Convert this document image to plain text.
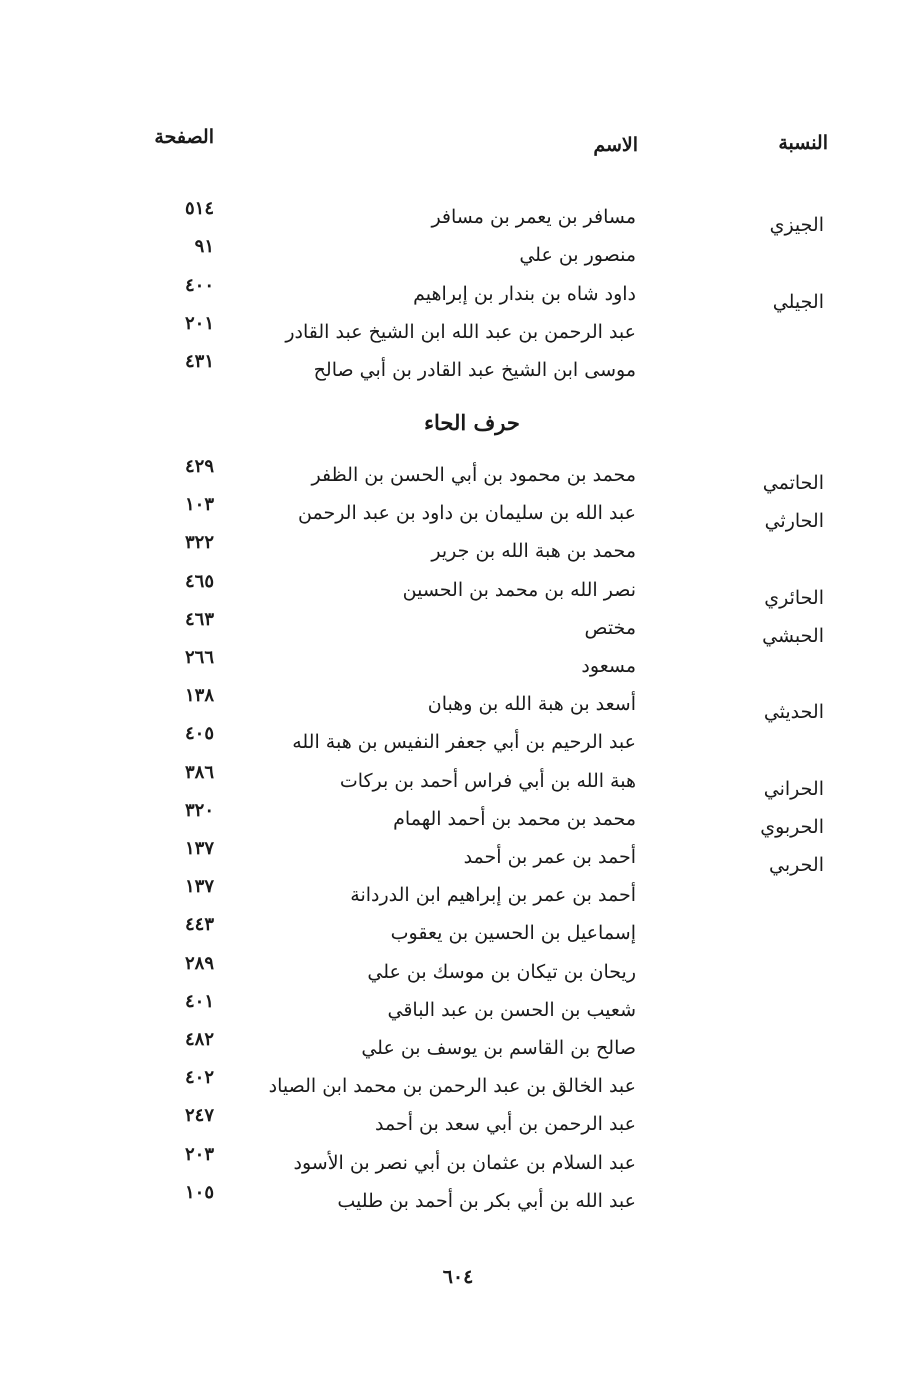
النسبة
الاسم
الصفحة
الجيزي
مسافر بن يعمر بن مسافر
٥١٤
منصور بن علي
٩١
الجيلي
داود شاه بن بندار بن إبراهيم
٤٠٠
عبد الرحمن بن عبد الله ابن الشيخ عبد القادر
٢٠١
موسى ابن الشيخ عبد القادر بن أبي صالح
٤٣١
حرف الحاء
الحاتمي
محمد بن محمود بن أبي الحسن بن الظفر
٤٢٩
الحارثي
عبد الله بن سليمان بن داود بن عبد الرحمن
١٠٣
محمد بن هبة الله بن جرير
٣٢٢
الحائري
نصر الله بن محمد بن الحسين
٤٦٥
الحبشي
مختص
٤٦٣
مسعود
٢٦٦
الحديثي
أسعد بن هبة الله بن وهبان
١٣٨
عبد الرحيم بن أبي جعفر النفيس بن هبة الله
٤٠٥
الحراني
هبة الله بن أبي فراس أحمد بن بركات
٣٨٦
الحربوي
محمد بن محمد بن أحمد الهمام
٣٢٠
الحربي
أحمد بن عمر بن أحمد
١٣٧
أحمد بن عمر بن إبراهيم ابن الدردانة
١٣٧
إسماعيل بن الحسين بن يعقوب
٤٤٣
ريحان بن تيكان بن موسك بن علي
٢٨٩
شعيب بن الحسن بن عبد الباقي
٤٠١
صالح بن القاسم بن يوسف بن علي
٤٨٢
عبد الخالق بن عبد الرحمن بن محمد ابن الصياد
٤٠٢
عبد الرحمن بن أبي سعد بن أحمد
٢٤٧
عبد السلام بن عثمان بن أبي نصر بن الأسود
٢٠٣
عبد الله بن أبي بكر بن أحمد بن طليب
١٠٥
٦٠٤
